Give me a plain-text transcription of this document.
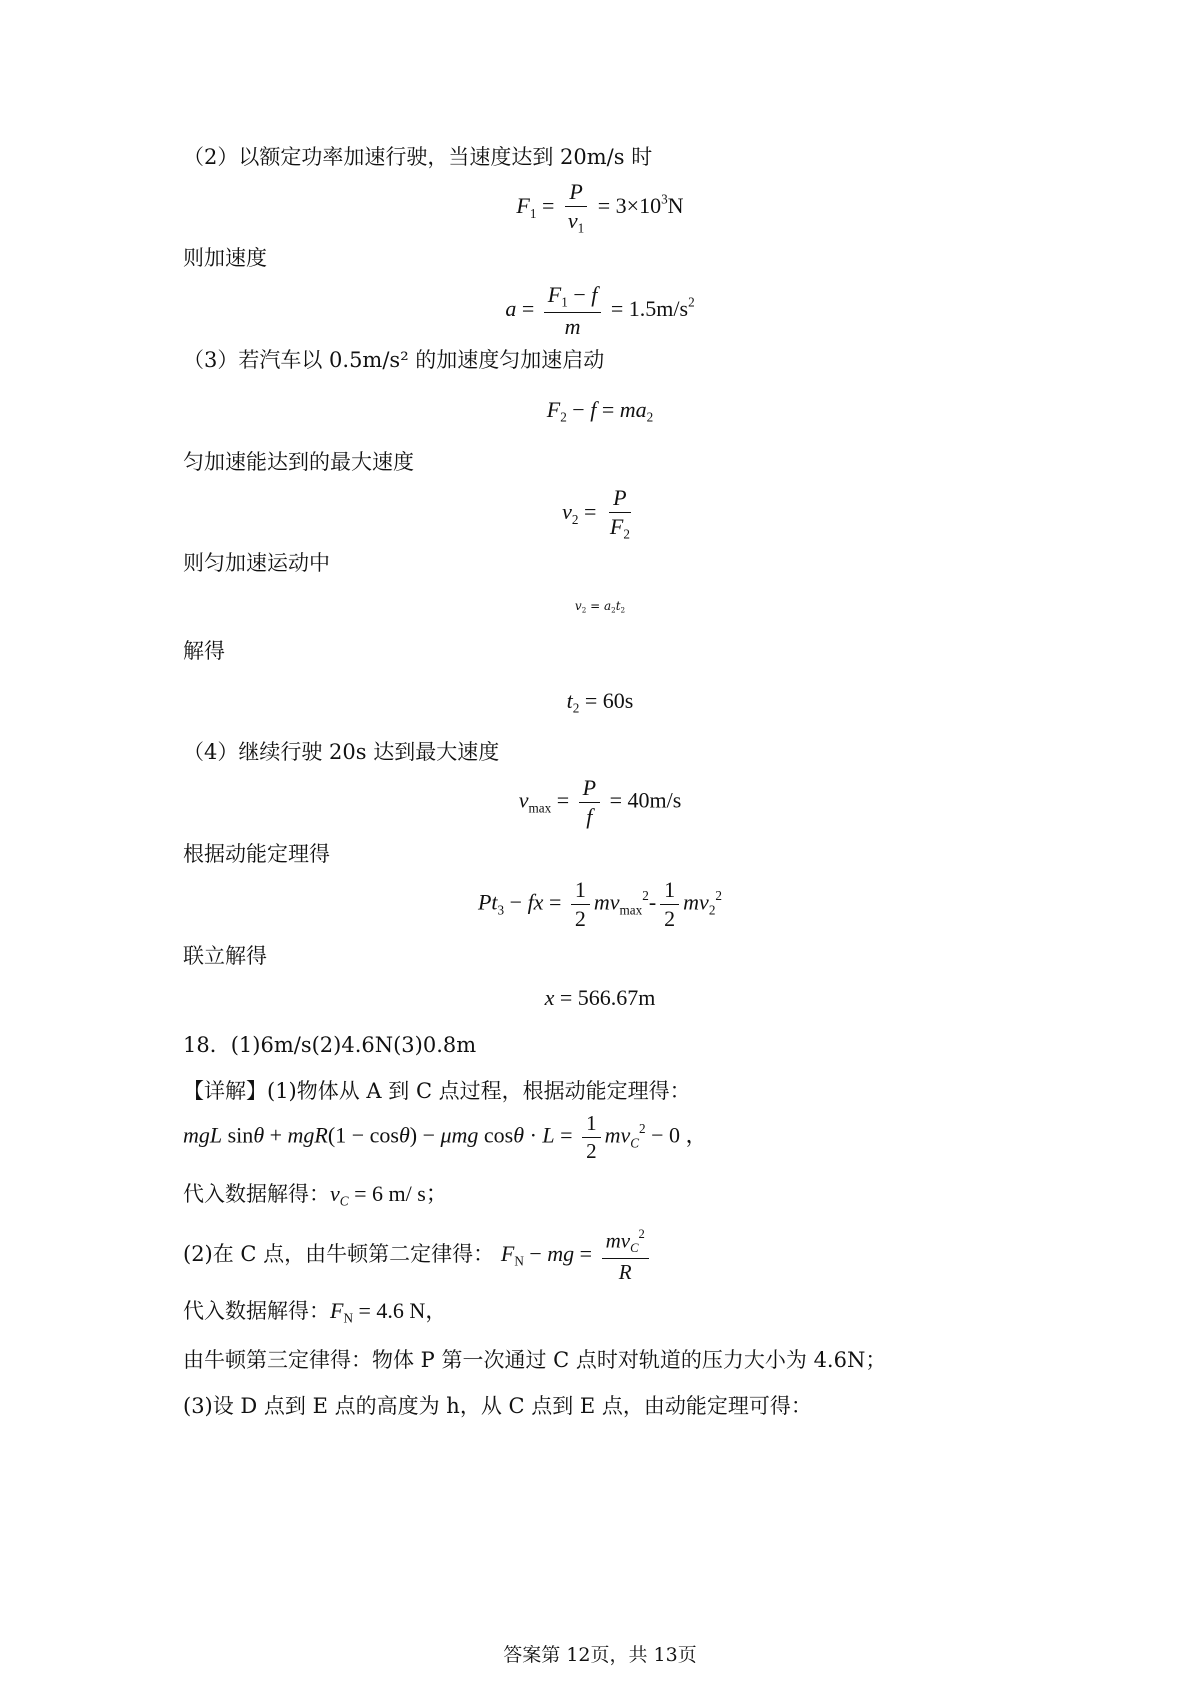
（2）以额定功率加速行驶，当速度达到 20m/s 时
$F_1 = \frac{P}{v_1} = 3\times 10^3N$
则加速度
$a = \frac{F_1 - f}{m} = 1.5m/s^2$
（3）若汽车以 0.5m/s² 的加速度匀加速启动
$F_2 - f = ma_2$
匀加速能达到的最大速度
$v_2 = \frac{P}{F_2}$
则匀加速运动中
$v_2 = a_2t_2$
解得
$t_2 = 60s$
（4）继续行驶 20s 达到最大速度
$v_{max} = \frac{P}{f} = 40m/s$
根据动能定理得
$Pt_3$ − fx = $\frac{1}{2} mv_{max}^2- \frac{1}{2} mv_2^2$
联立解得
x = 566.67m
18．(1)6m/s(2)4.6N(3)0.8m
【详解】(1)物体从 A 到 C 点过程，根据动能定理得：
mgL sinθ + mgR(1 − cosθ) − μmg $\cos\theta \cdot L = \frac{1}{2} mv_C^2 - 0$ ，
代入数据解得：$v_C = 6$ m/ s；
(2)在 C 点，由牛顿第二定律得： $F_N$ − mg = $\frac{mv_C^2}{R}$
代入数据解得：$F_N = 4.6$ N，
由牛顿第三定律得：物体 P 第一次通过 C 点时对轨道的压力大小为 4.6N；
(3)设 D 点到 E 点的高度为 h，从 C 点到 E 点，由动能定理可得：
答案第 12页，共 13页
